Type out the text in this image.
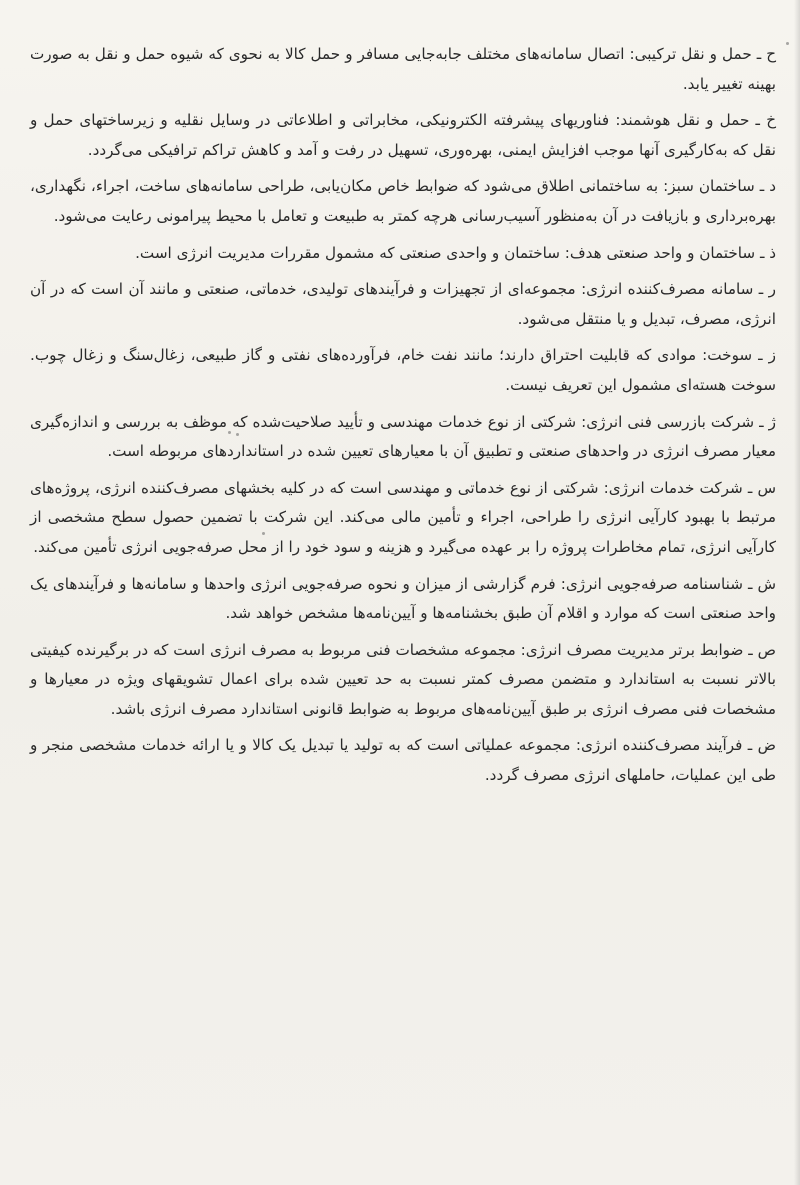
ح ـ حمل و نقل ترکیبی: اتصال سامانه‌های مختلف جابه‌جایی مسافر و حمل کالا به نحوی که شیوه حمل و نقل به صورت بهینه تغییر یابد.

خ ـ حمل و نقل هوشمند: فناوریهای پیشرفته الکترونیکی، مخابراتی و اطلاعاتی در وسایل نقلیه و زیرساختهای حمل و نقل که به‌کارگیری آنها موجب افزایش ایمنی، بهره‌وری، تسهیل در رفت و آمد و کاهش تراکم ترافیکی می‌گردد.

د ـ ساختمان سبز: به ساختمانی اطلاق می‌شود که ضوابط خاص مکان‌یابی، طراحی سامانه‌های ساخت، اجراء، نگهداری، بهره‌برداری و بازیافت در آن به‌منظور آسیب‌رسانی هرچه کمتر به طبیعت و تعامل با محیط پیرامونی رعایت می‌شود.

ذ ـ ساختمان و واحد صنعتی هدف: ساختمان و واحدی صنعتی که مشمول مقررات مدیریت انرژی است.

ر ـ سامانه مصرف‌کننده انرژی: مجموعه‌ای از تجهیزات و فرآیندهای تولیدی، خدماتی، صنعتی و مانند آن است که در آن انرژی، مصرف، تبدیل و یا منتقل می‌شود.

ز ـ سوخت: موادی که قابلیت احتراق دارند؛ مانند نفت خام، فرآورده‌های نفتی و گاز طبیعی، زغال‌سنگ و زغال چوب. سوخت هسته‌ای مشمول این تعریف نیست.

ژ ـ شرکت بازرسی فنی انرژی: شرکتی از نوع خدمات مهندسی و تأیید صلاحیت‌شده که موظف به بررسی و اندازه‌گیری معیار مصرف انرژی در واحدهای صنعتی و تطبیق آن با معیارهای تعیین شده در استانداردهای مربوطه است.

س ـ شرکت خدمات انرژی: شرکتی از نوع خدماتی و مهندسی است که در کلیه بخشهای مصرف‌کننده انرژی، پروژه‌های مرتبط با بهبود کارآیی انرژی را طراحی، اجراء و تأمین مالی می‌کند. این شرکت با تضمین حصول سطح مشخصی از کارآیی انرژی، تمام مخاطرات پروژه را بر عهده می‌گیرد و هزینه و سود خود را از محل صرفه‌جویی انرژی تأمین می‌کند.

ش ـ شناسنامه صرفه‌جویی انرژی: فرم گزارشی از میزان و نحوه صرفه‌جویی انرژی واحدها و سامانه‌ها و فرآیندهای یک واحد صنعتی است که موارد و اقلام آن طبق بخشنامه‌ها و آیین‌نامه‌ها مشخص خواهد شد.

ص ـ ضوابط برتر مدیریت مصرف انرژی: مجموعه مشخصات فنی مربوط به مصرف انرژی است که در برگیرنده کیفیتی بالاتر نسبت به استاندارد و متضمن مصرف کمتر نسبت به حد تعیین شده برای اعمال تشویقهای ویژه در معیارها و مشخصات فنی مصرف انرژی بر طبق آیین‌نامه‌های مربوط به ضوابط قانونی استاندارد مصرف انرژی باشد.

ض ـ فرآیند مصرف‌کننده انرژی: مجموعه عملیاتی است که به تولید یا تبدیل یک کالا و یا ارائه خدمات مشخصی منجر و طی این عملیات، حاملهای انرژی مصرف گردد.
